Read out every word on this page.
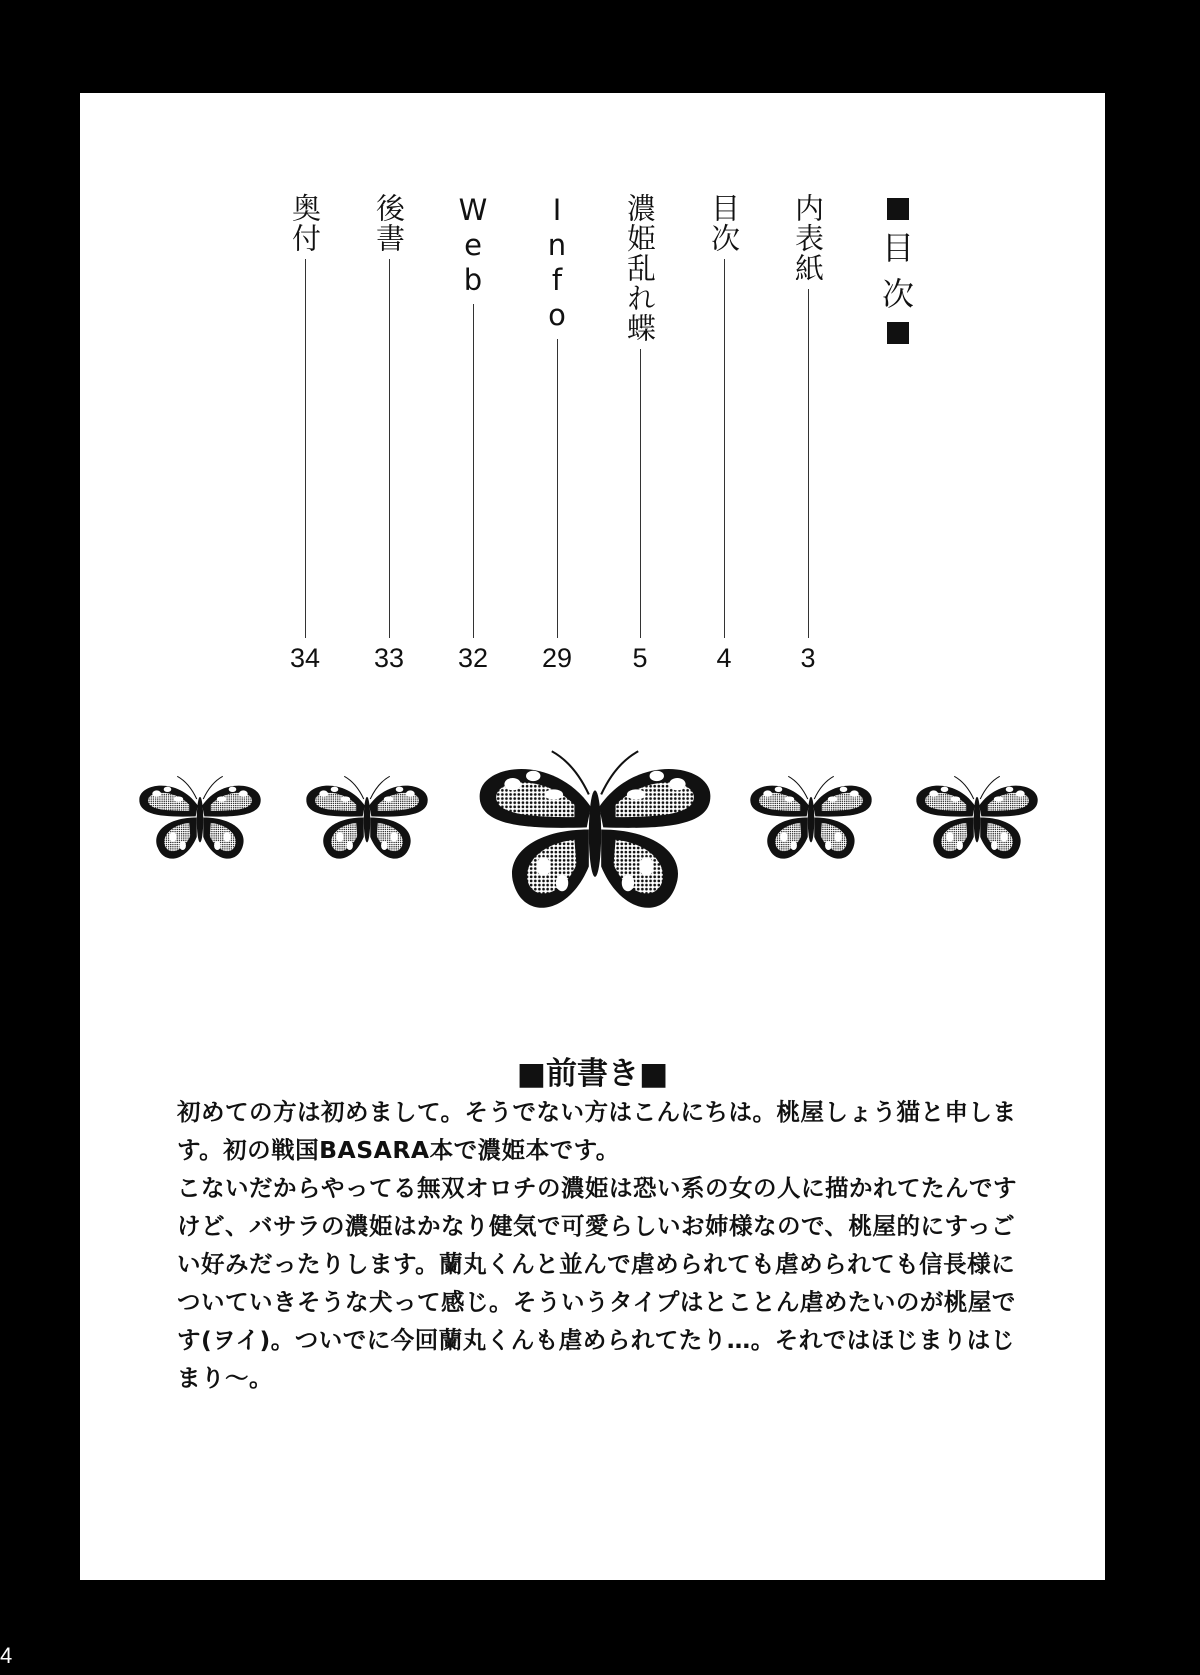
目
次
内表紙
3
目次
4
濃姫乱れ蝶
5
Info
29
Web
32
後書
33
奥付
34
■前書き■

初めての方は初めまして。そうでない方はこんにちは。桃屋しょう猫と申します。初の戦国BASARA本で濃姫本です。

こないだからやってる無双オロチの濃姫は恐い系の女の人に描かれてたんですけど、バサラの濃姫はかなり健気で可愛らしいお姉様なので、桃屋的にすっごい好みだったりします。蘭丸くんと並んで虐められても虐められても信長様についていきそうな犬って感じ。そういうタイプはとことん虐めたいのが桃屋です(ヲイ)。ついでに今回蘭丸くんも虐められてたり…。それではほじまりはじまり〜。

4
